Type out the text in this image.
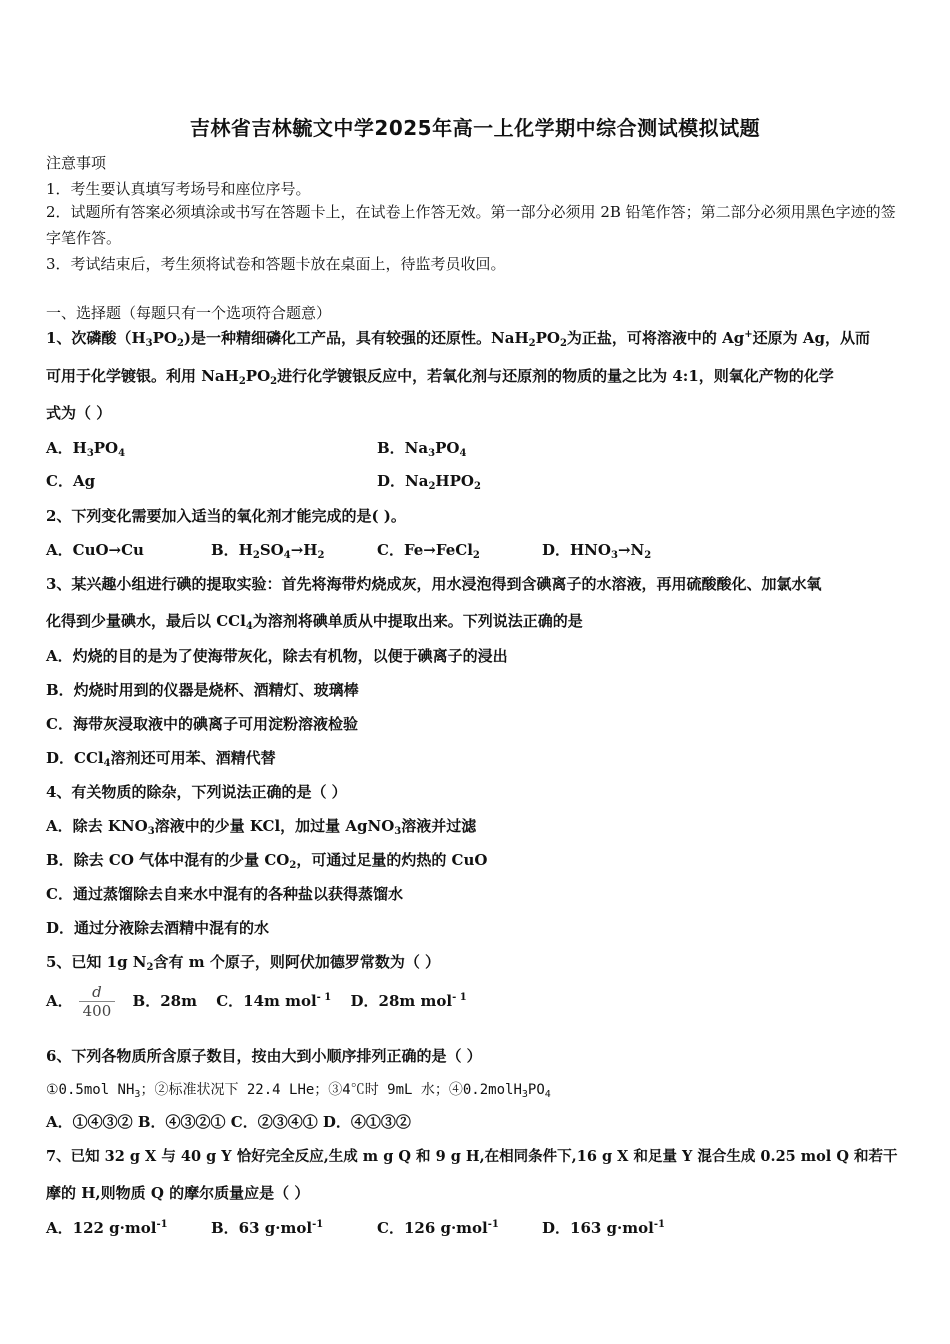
吉林省吉林毓文中学2025年高一上化学期中综合测试模拟试题
注意事项
1．考生要认真填写考场号和座位序号。
2．试题所有答案必须填涂或书写在答题卡上，在试卷上作答无效。第一部分必须用 2B 铅笔作答；第二部分必须用黑色字迹的签字笔作答。
3．考试结束后，考生须将试卷和答题卡放在桌面上，待监考员收回。
一、选择题（每题只有一个选项符合题意）
1、次磷酸$(H_3PO_2)$是一种精细磷化工产品，具有较强的还原性。$NaH_2PO_2$为正盐，可将溶液中的 Ag+还原为 Ag，从而
可用于化学镀银。利用 $NaH_2PO_2$进行化学镀银反应中，若氧化剂与还原剂的物质的量之比为 4:1，则氧化产物的化学
式为（ ）
A．$H_3PO_4$	B．$Na_3PO_4$
C．Ag	D．$Na_2HPO_2$
2、下列变化需要加入适当的氧化剂才能完成的是( )。
A．CuO→Cu	B．$H_2SO_4\to H_2$	C．Fe→FeCl$_2$	D．$HNO_3\to N_2$
3、某兴趣小组进行碘的提取实验：首先将海带灼烧成灰，用水浸泡得到含碘离子的水溶液，再用硫酸酸化、加氯水氧
化得到少量碘水，最后以 CCl$_4$为溶剂将碘单质从中提取出来。下列说法正确的是
A．灼烧的目的是为了使海带灰化，除去有机物，以便于碘离子的浸出
B．灼烧时用到的仪器是烧杯、酒精灯、玻璃棒
C．海带灰浸取液中的碘离子可用淀粉溶液检验
D．CCl$_4$溶剂还可用苯、酒精代替
4、有关物质的除杂，下列说法正确的是（ ）
A．除去 $KNO_3$溶液中的少量 KCl，加过量 AgNO$_3$溶液并过滤
B．除去 CO 气体中混有的少量 $CO_2$，可通过足量的灼热的 CuO
C．通过蒸馏除去自来水中混有的各种盐以获得蒸馏水
D．通过分液除去酒精中混有的水
5、已知 1g $N_2$含有 m 个原子，则阿伏加德罗常数为（ ）
A． $\frac{d}{400}$ B．28m C．14m mol$^{- 1}$ D．28m mol$^{- 1}$
6、下列各物质所含原子数目，按由大到小顺序排列正确的是（ ）
①0.5mol $NH_3$；②标准状况下 22.4 LHe；③4℃时 9mL 水；$④0.2molH_3PO_4$
A．①④③② B．④③②① C．②③④① D．④①③②
7、已知 32 g X 与 40 g Y 恰好完全反应,生成 m g Q 和 9 g H,在相同条件下,16 g X 和足量 Y 混合生成 0.25 mol Q 和若干
摩的 H,则物质 Q 的摩尔质量应是（ ）
A．122 g·mol$^{-1}$	B．63 g·mol$^{-1}$	C．126 g·mol$^{-1}$	D．163 g·mol$^{-1}$
